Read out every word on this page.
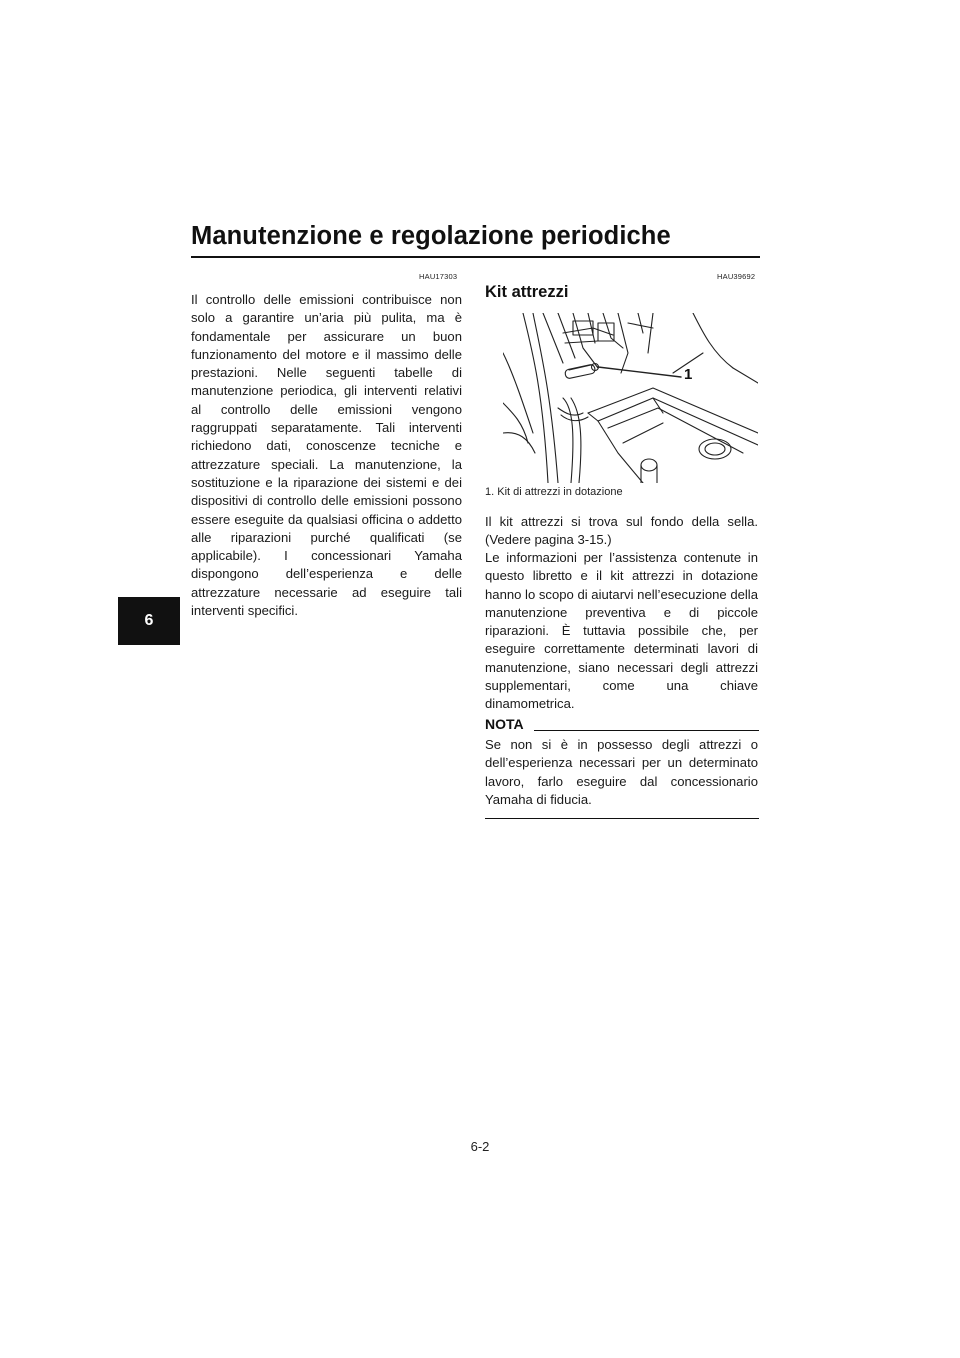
Manutenzione e regolazione periodiche
6
HAU17303
Il controllo delle emissioni contribuisce non solo a garantire un’aria più pulita, ma è fondamentale per assicurare un buon funzionamento del motore e il massimo delle prestazioni. Nelle seguenti tabelle di manutenzione periodica, gli interventi relativi al controllo delle emissioni vengono raggruppati separatamente. Tali interventi richiedono dati, conoscenze tecniche e attrezzature speciali. La manutenzione, la sostituzione e la riparazione dei sistemi e dei dispositivi di controllo delle emissioni possono essere eseguite da qualsiasi officina o addetto alle riparazioni purché qualificati (se applicabile). I concessionari Yamaha dispongono dell’esperienza e delle attrezzature necessarie ad eseguire tali interventi specifici.
HAU39692
Kit attrezzi
1
1. Kit di attrezzi in dotazione
Il kit attrezzi si trova sul fondo della sella. (Vedere pagina 3-15.)
Le informazioni per l’assistenza contenute in questo libretto e il kit attrezzi in dotazione hanno lo scopo di aiutarvi nell’esecuzione della manutenzione preventiva e di piccole riparazioni. È tuttavia possibile che, per eseguire correttamente determinati lavori di manutenzione, siano necessari degli attrezzi supplementari, come una chiave dinamometrica.
NOTA
Se non si è in possesso degli attrezzi o dell’esperienza necessari per un determinato lavoro, farlo eseguire dal concessionario Yamaha di fiducia.
6-2
